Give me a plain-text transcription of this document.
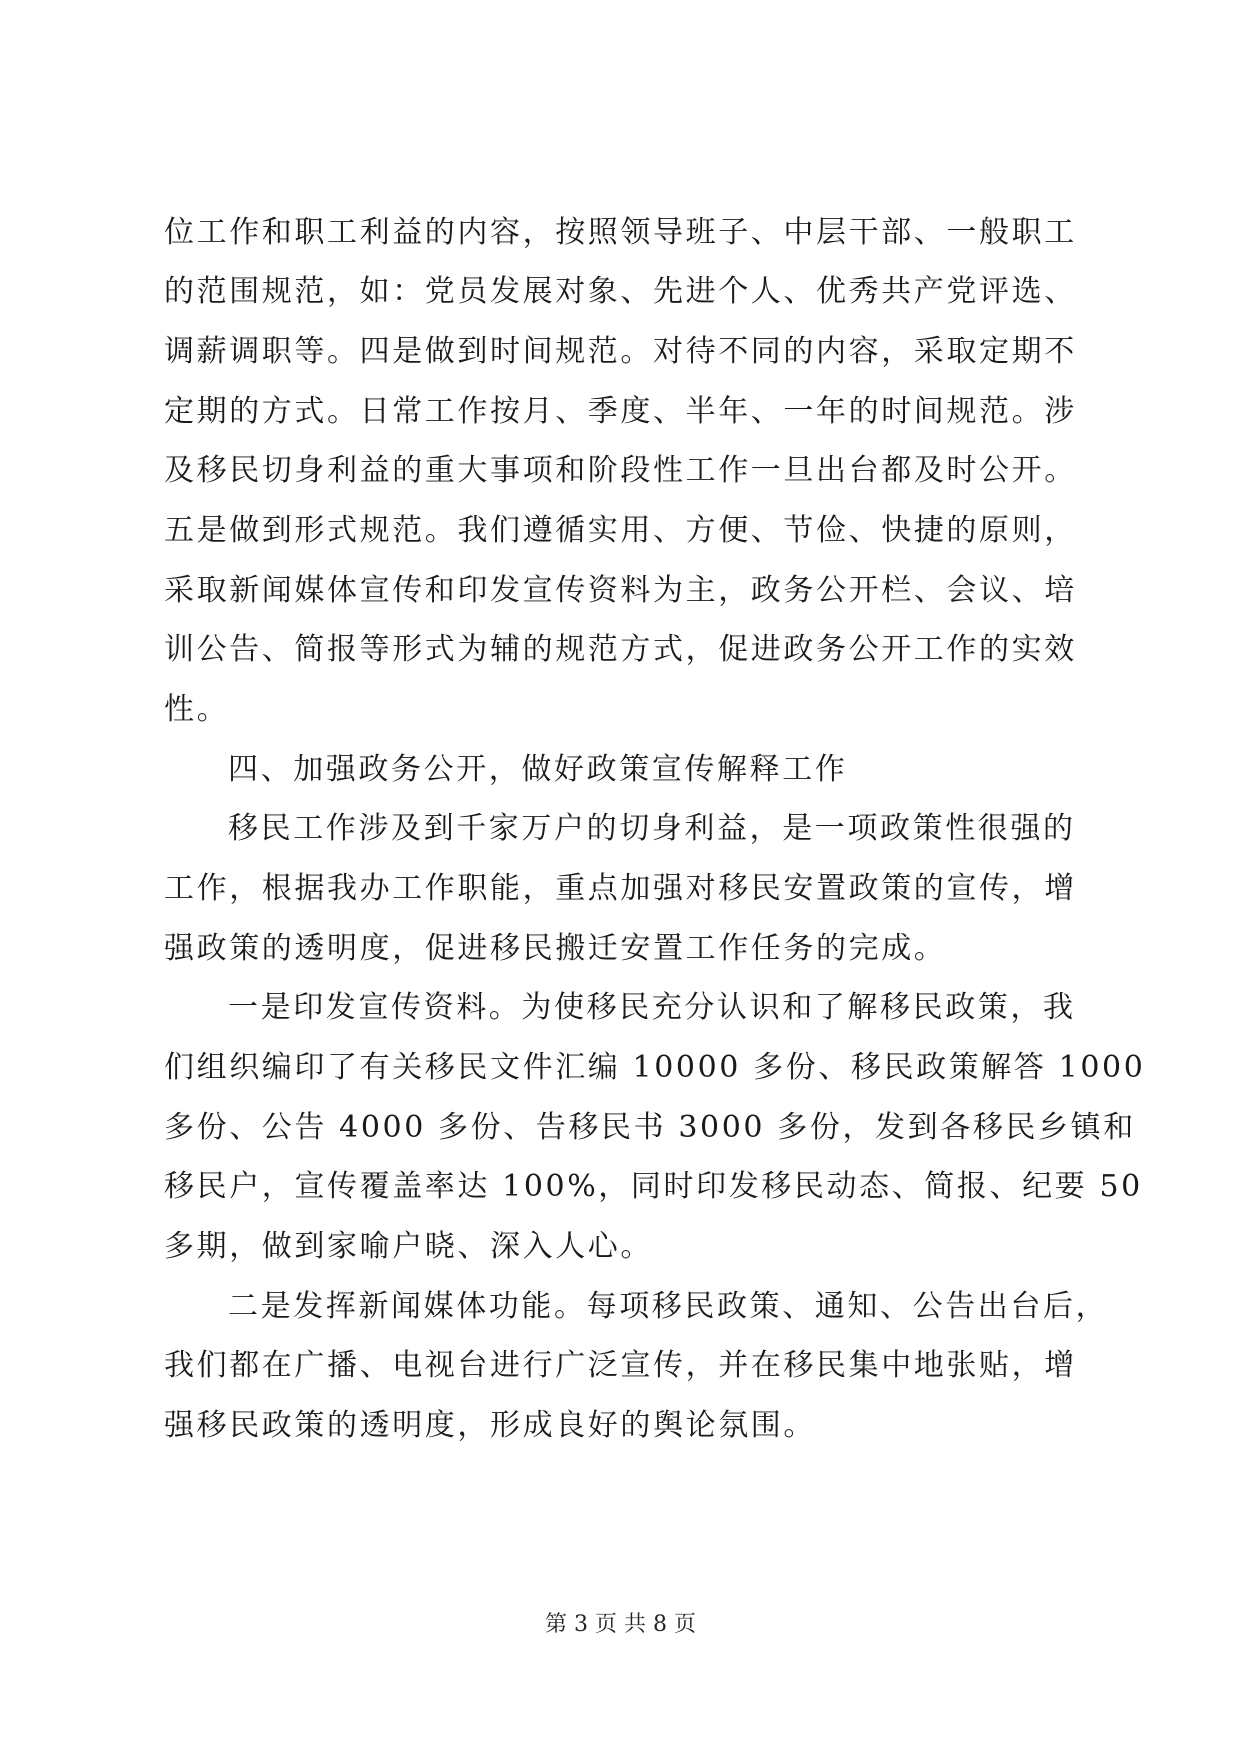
位工作和职工利益的内容，按照领导班子、中层干部、一般职工
的范围规范，如：党员发展对象、先进个人、优秀共产党评选、
调薪调职等。四是做到时间规范。对待不同的内容，采取定期不
定期的方式。日常工作按月、季度、半年、一年的时间规范。涉
及移民切身利益的重大事项和阶段性工作一旦出台都及时公开。
五是做到形式规范。我们遵循实用、方便、节俭、快捷的原则，
采取新闻媒体宣传和印发宣传资料为主，政务公开栏、会议、培
训公告、简报等形式为辅的规范方式，促进政务公开工作的实效
性。
四、加强政务公开，做好政策宣传解释工作
移民工作涉及到千家万户的切身利益，是一项政策性很强的
工作，根据我办工作职能，重点加强对移民安置政策的宣传，增
强政策的透明度，促进移民搬迁安置工作任务的完成。
一是印发宣传资料。为使移民充分认识和了解移民政策，我
们组织编印了有关移民文件汇编 10000 多份、移民政策解答 1000
多份、公告 4000 多份、告移民书 3000 多份，发到各移民乡镇和
移民户，宣传覆盖率达 100%，同时印发移民动态、简报、纪要 50
多期，做到家喻户晓、深入人心。
二是发挥新闻媒体功能。每项移民政策、通知、公告出台后，
我们都在广播、电视台进行广泛宣传，并在移民集中地张贴，增
强移民政策的透明度，形成良好的舆论氛围。
第 3 页 共 8 页
